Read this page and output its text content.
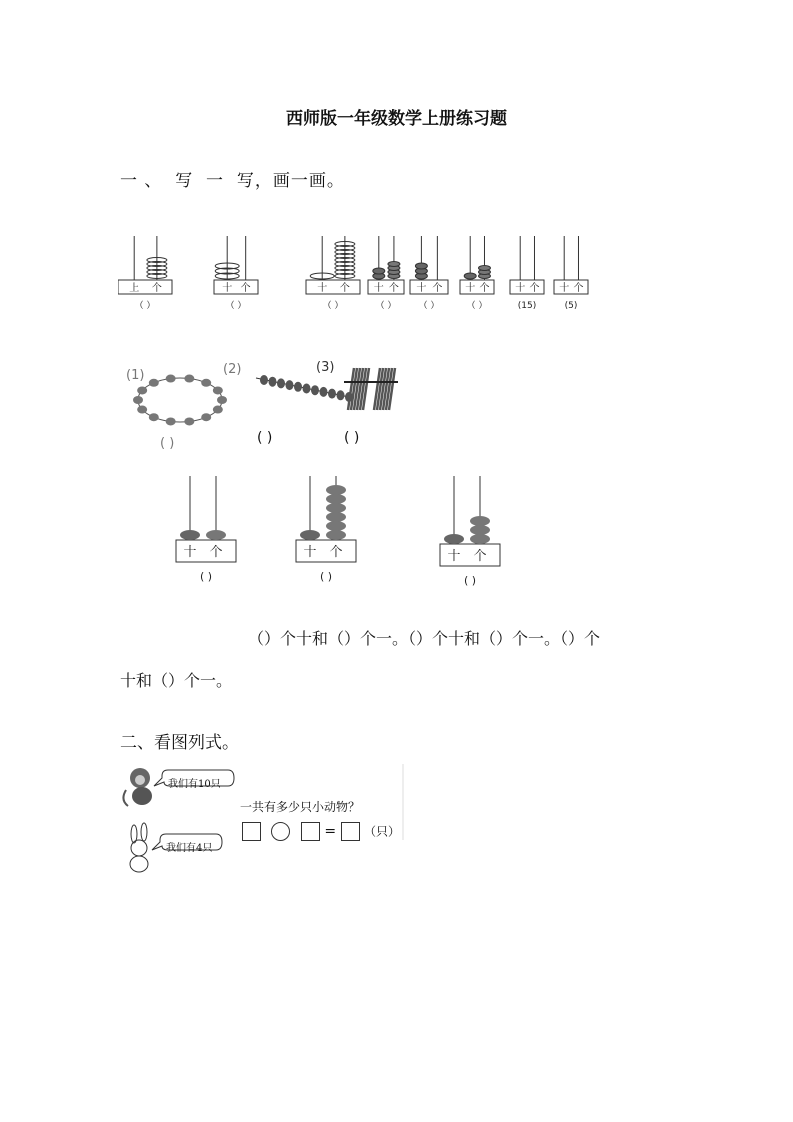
西师版一年级数学上册练习题
一 、  写  一  写，画一画。
上 个
（ ）
十 个
（ ）
十 个
（ ）
十 个
（ ）
十 个
（ ）
十 个
（ ）
十 个
(15)
十 个
(5)
(1)	(2)	(3)
( )	( )	( )
十 个
( )
十 个
( )
十 个
( )
（）个十和（）个一。（）个十和（）个一。（）个
十和（）个一。
二、看图列式。
我们有10只
我们有4只
一共有多少只小动物？
= （只）
